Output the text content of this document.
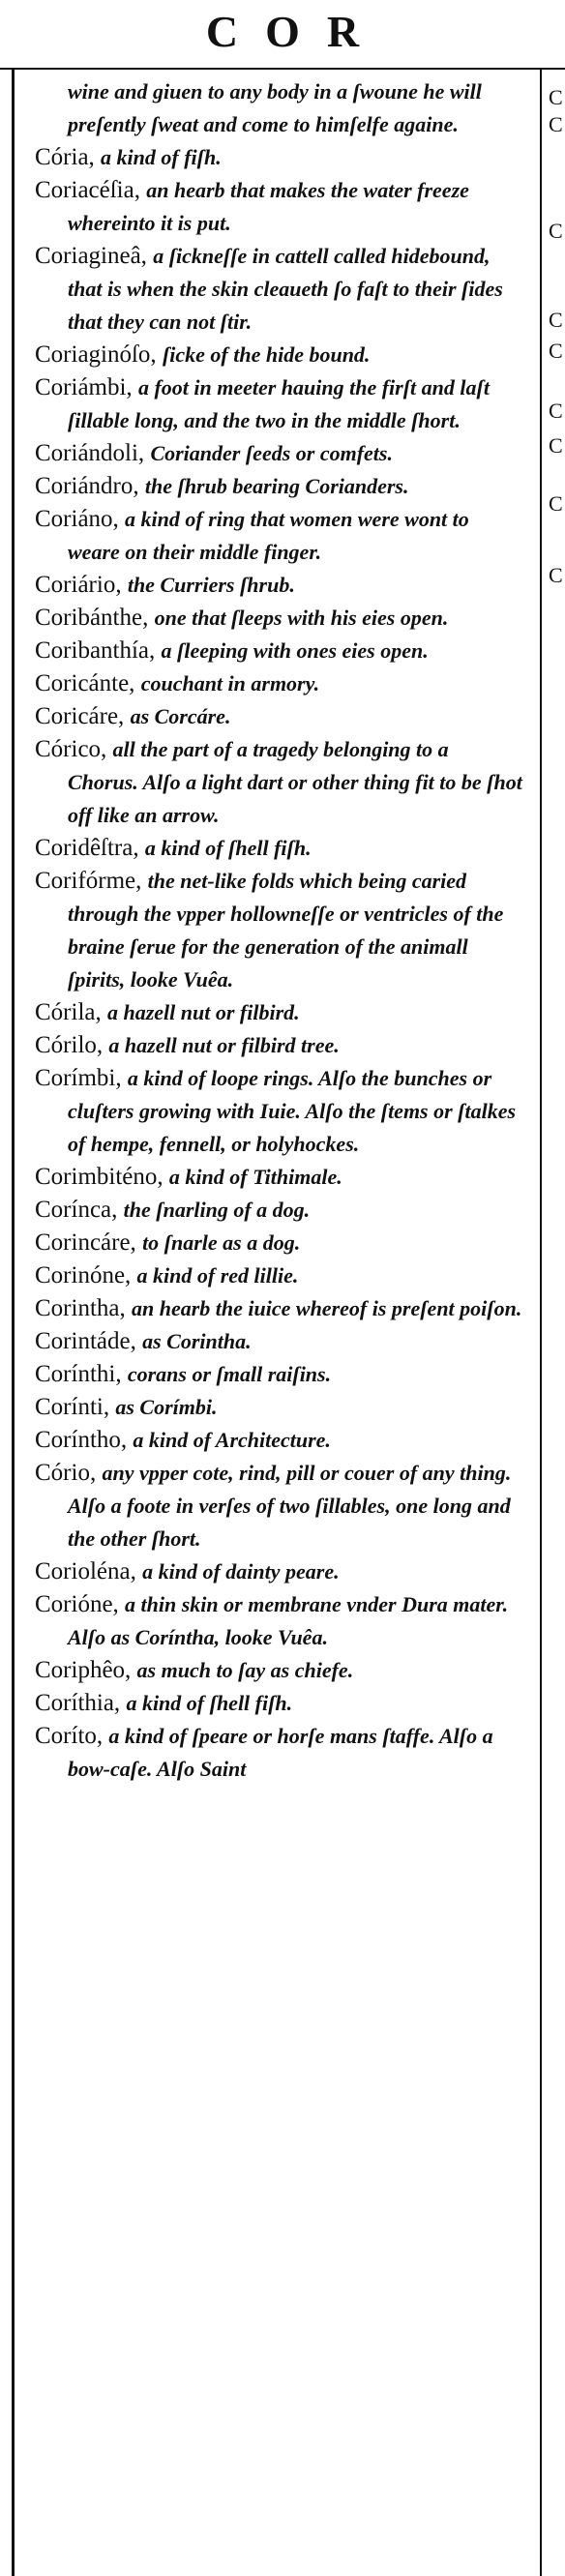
COR
C
C
C
C
C
C
C
C
C
wine and giuen to any body in a ſwoune he will preſently ſweat and come to himſelfe againe.
Cória, a kind of fiſh.
Coriacéſia, an hearb that makes the water freeze whereinto it is put.
Coriagineâ, a ſickneſſe in cattell called hidebound, that is when the skin cleaueth ſo faſt to their ſides that they can not ſtir.
Coriaginóſo, ſicke of the hide bound.
Coriámbi, a foot in meeter hauing the firſt and laſt ſillable long, and the two in the middle ſhort.
Coriándoli, Coriander ſeeds or comfets.
Coriándro, the ſhrub bearing Corianders.
Coriáno, a kind of ring that women were wont to weare on their middle finger.
Coriário, the Curriers ſhrub.
Coribánthe, one that ſleeps with his eies open.
Coribanthía, a ſleeping with ones eies open.
Coricánte, couchant in armory.
Coricáre, as Corcáre.
Córico, all the part of a tragedy belonging to a Chorus. Alſo a light dart or other thing fit to be ſhot off like an arrow.
Coridêſtra, a kind of ſhell fiſh.
Corifórme, the net-like folds which being caried through the vpper hollowneſſe or ventricles of the braine ſerue for the generation of the animall ſpirits, looke Vuêa.
Córila, a hazell nut or filbird.
Córilo, a hazell nut or filbird tree.
Corímbi, a kind of loope rings. Alſo the bunches or cluſters growing with Iuie. Alſo the ſtems or ſtalkes of hempe, fennell, or holyhockes.
Corimbiténo, a kind of Tithimale.
Corínca, the ſnarling of a dog.
Corincáre, to ſnarle as a dog.
Corinóne, a kind of red lillie.
Corintha, an hearb the iuice whereof is preſent poiſon.
Corintáde, as Corintha.
Corínthi, corans or ſmall raiſins.
Corínti, as Corímbi.
Coríntho, a kind of Architecture.
Cório, any vpper cote, rind, pill or couer of any thing. Alſo a foote in verſes of two ſillables, one long and the other ſhort.
Corioléna, a kind of dainty peare.
Corióne, a thin skin or membrane vnder Dura mater. Alſo as Coríntha, looke Vuêa.
Coriphêo, as much to ſay as chiefe.
Coríthia, a kind of ſhell fiſh.
Coríto, a kind of ſpeare or horſe mans ſtaffe. Alſo a bow-caſe. Alſo Saint
